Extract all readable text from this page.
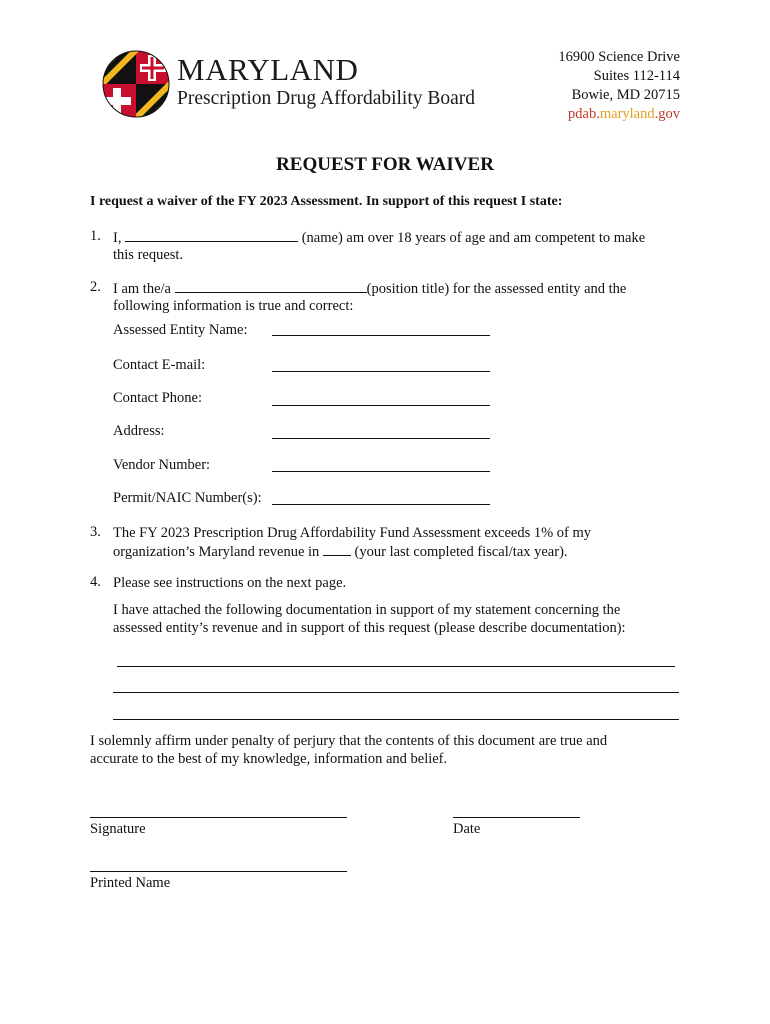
MARYLAND
Prescription Drug Affordability Board
16900 Science Drive
Suites 112-114
Bowie, MD 20715
pdab.maryland.gov
REQUEST FOR WAIVER
I request a waiver of the FY 2023 Assessment. In support of this request I state:
1. I,	(name) am over 18 years of age and am competent to make
this request.
2. I am the/a	(position title) for the assessed entity and the
following information is true and correct:
Assessed Entity Name:
Contact E-mail:
Contact Phone:
Address:
Vendor Number:
Permit/NAIC Number(s):
3. The FY 2023 Prescription Drug Affordability Fund Assessment exceeds 1% of my
organization’s Maryland revenue in (your last completed fiscal/tax year).
4. Please see instructions on the next page.
I have attached the following documentation in support of my statement concerning the
assessed entity’s revenue and in support of this request (please describe documentation):
I solemnly affirm under penalty of perjury that the contents of this document are true and
accurate to the best of my knowledge, information and belief.
Signature	Date
Printed Name
